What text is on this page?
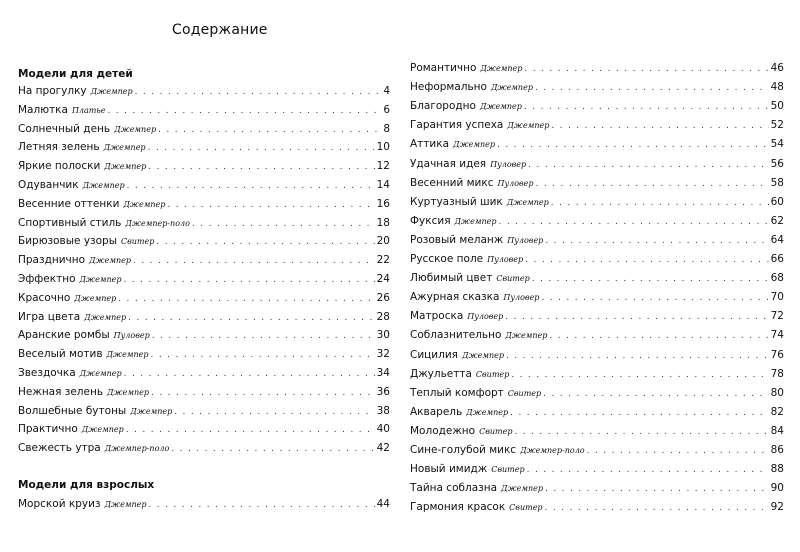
Содержание
Модели для детей
Модели для взрослых
На прогулку Джемпер . . .	4
Малютка Платье . . .	6
Солнечный день Джемпер . . .	8
Летняя зелень Джемпер . . .	10
Яркие полоски Джемпер . . .	12
Одуванчик Джемпер . . .	14
Весенние оттенки Джемпер . . .	16
Спортивный стиль Джемпер-поло . . .	18
Бирюзовые узоры Свитер . . .	20
Празднично Джемпер . . .	22
Эффектно Джемпер . . .	24
Красочно Джемпер . . .	26
Игра цвета Джемпер . . .	28
Аранские ромбы Пуловер . . .	30
Веселый мотив Джемпер . . .	32
Звездочка Джемпер . . .	34
Нежная зелень Джемпер . . .	36
Волшебные бутоны Джемпер . . .	38
Практично Джемпер . . .	40
Свежесть утра Джемпер-поло . . .	42
Морской круиз Джемпер . . .	44
Романтично Джемпер . . .	46
Неформально Джемпер . . .	48
Благородно Джемпер . . .	50
Гарантия успеха Джемпер . . .	52
Аттика Джемпер . . .	54
Удачная идея Пуловер . . .	56
Весенний микс Пуловер . . .	58
Куртуазный шик Джемпер . . .	60
Фуксия Джемпер . . .	62
Розовый меланж Пуловер . . .	64
Русское поле Пуловер . . .	66
Любимый цвет Свитер . . .	68
Ажурная сказка Пуловер . . .	70
Матроска Пуловер . . .	72
Соблазнительно Джемпер . . .	74
Сицилия Джемпер . . .	76
Джульетта Свитер . . .	78
Теплый комфорт Свитер . . .	80
Акварель Джемпер . . .	82
Молодежно Свитер . . .	84
Сине-голубой микс Джемпер-поло . . .	86
Новый имидж Свитер . . .	88
Тайна соблазна Джемпер . . .	90
Гармония красок Свитер . . .	92
